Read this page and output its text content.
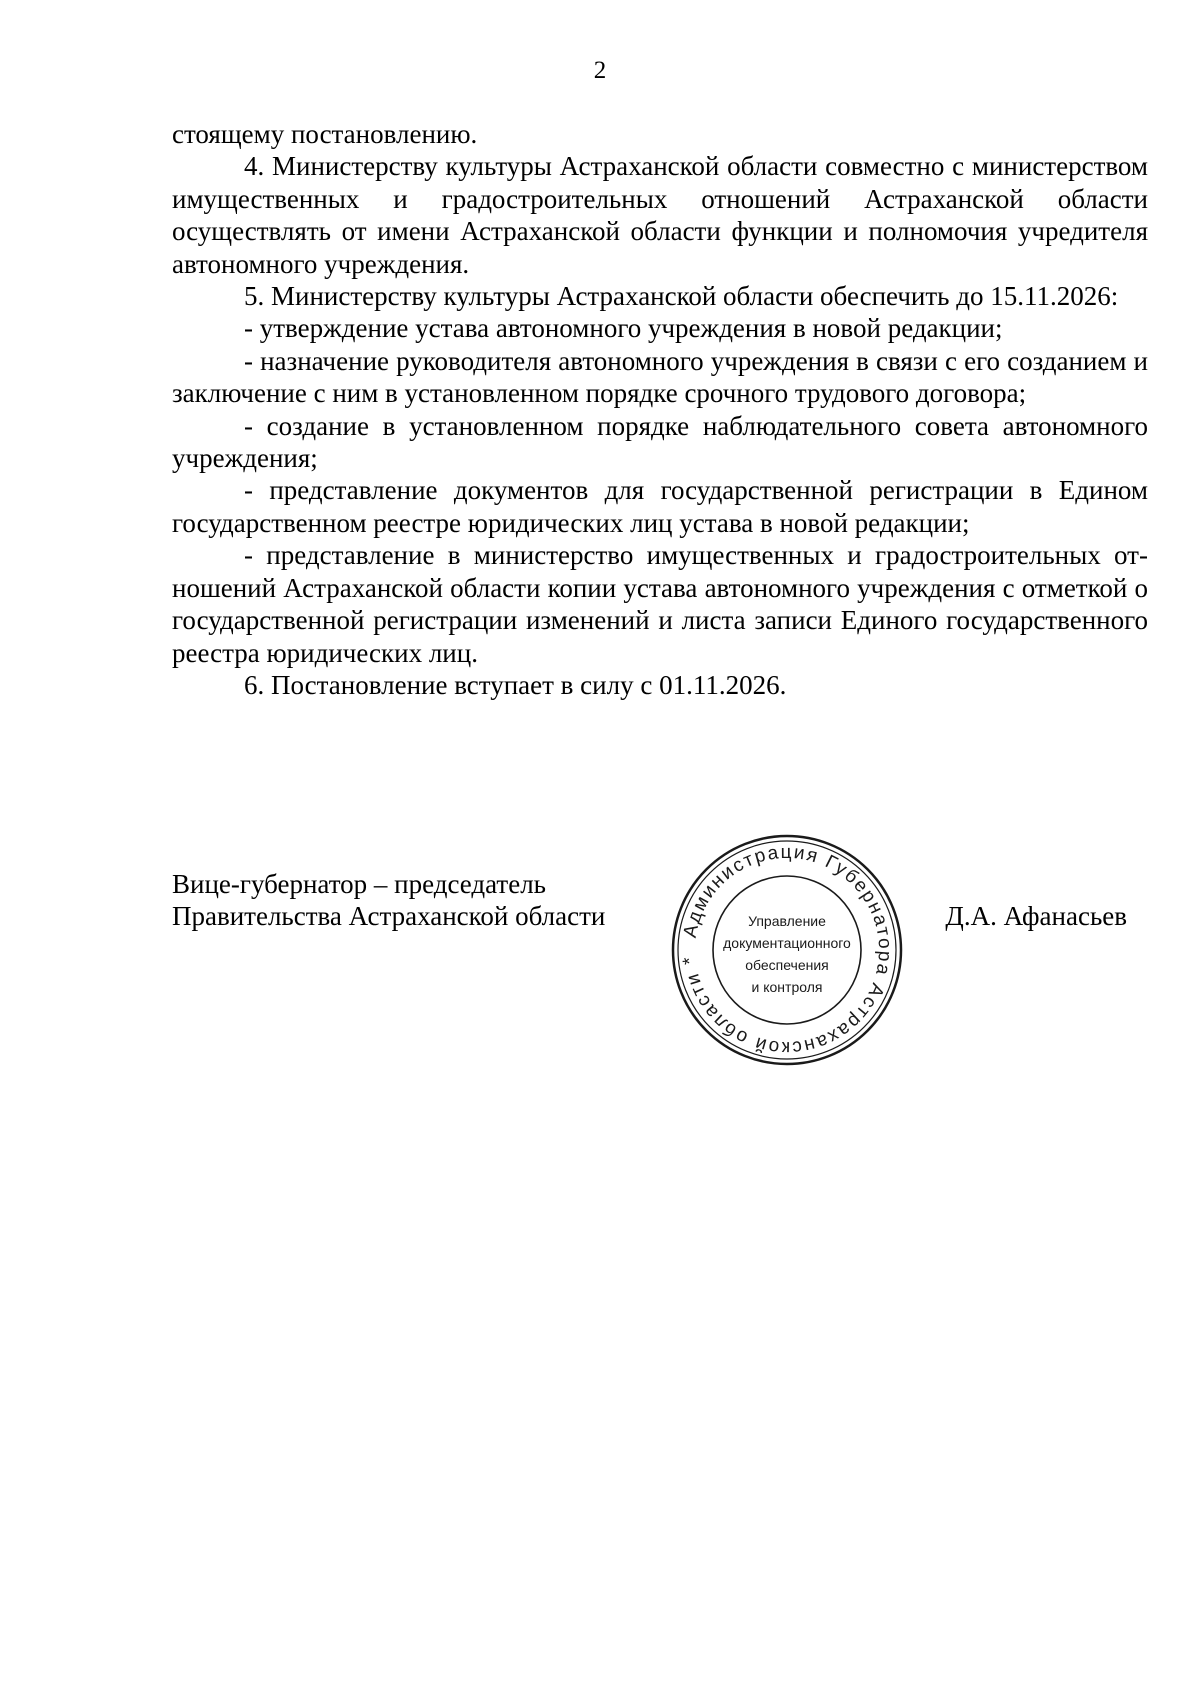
2

стоящему постановлению.

4. Министерству культуры Астраханской области совместно с министерством имущественных и градостроительных отношений Астраханской области осуществлять от имени Астраханской области функции и полномочия учредителя автономного учреждения.

5. Министерству культуры Астраханской области обеспечить до 15.11.2026:

- утверждение устава автономного учреждения в новой редакции;

- назначение руководителя автономного учреждения в связи с его созданием и заключение с ним в установленном порядке срочного трудового договора;

- создание в установленном порядке наблюдательного совета автономного учреждения;

- представление документов для государственной регистрации в Едином государственном реестре юридических лиц устава в новой редакции;

- представление в министерство имущественных и градостроительных отношений Астраханской области копии устава автономного учреждения с отметкой о государственной регистрации изменений и листа записи Единого государственного реестра юридических лиц.

6. Постановление вступает в силу с 01.11.2026.

Вице-губернатор – председатель
Правительства Астраханской области	Д.А. Афанасьев
Администрация Губернатора Астраханской области *
Управление
документационного
обеспечения
и контроля
